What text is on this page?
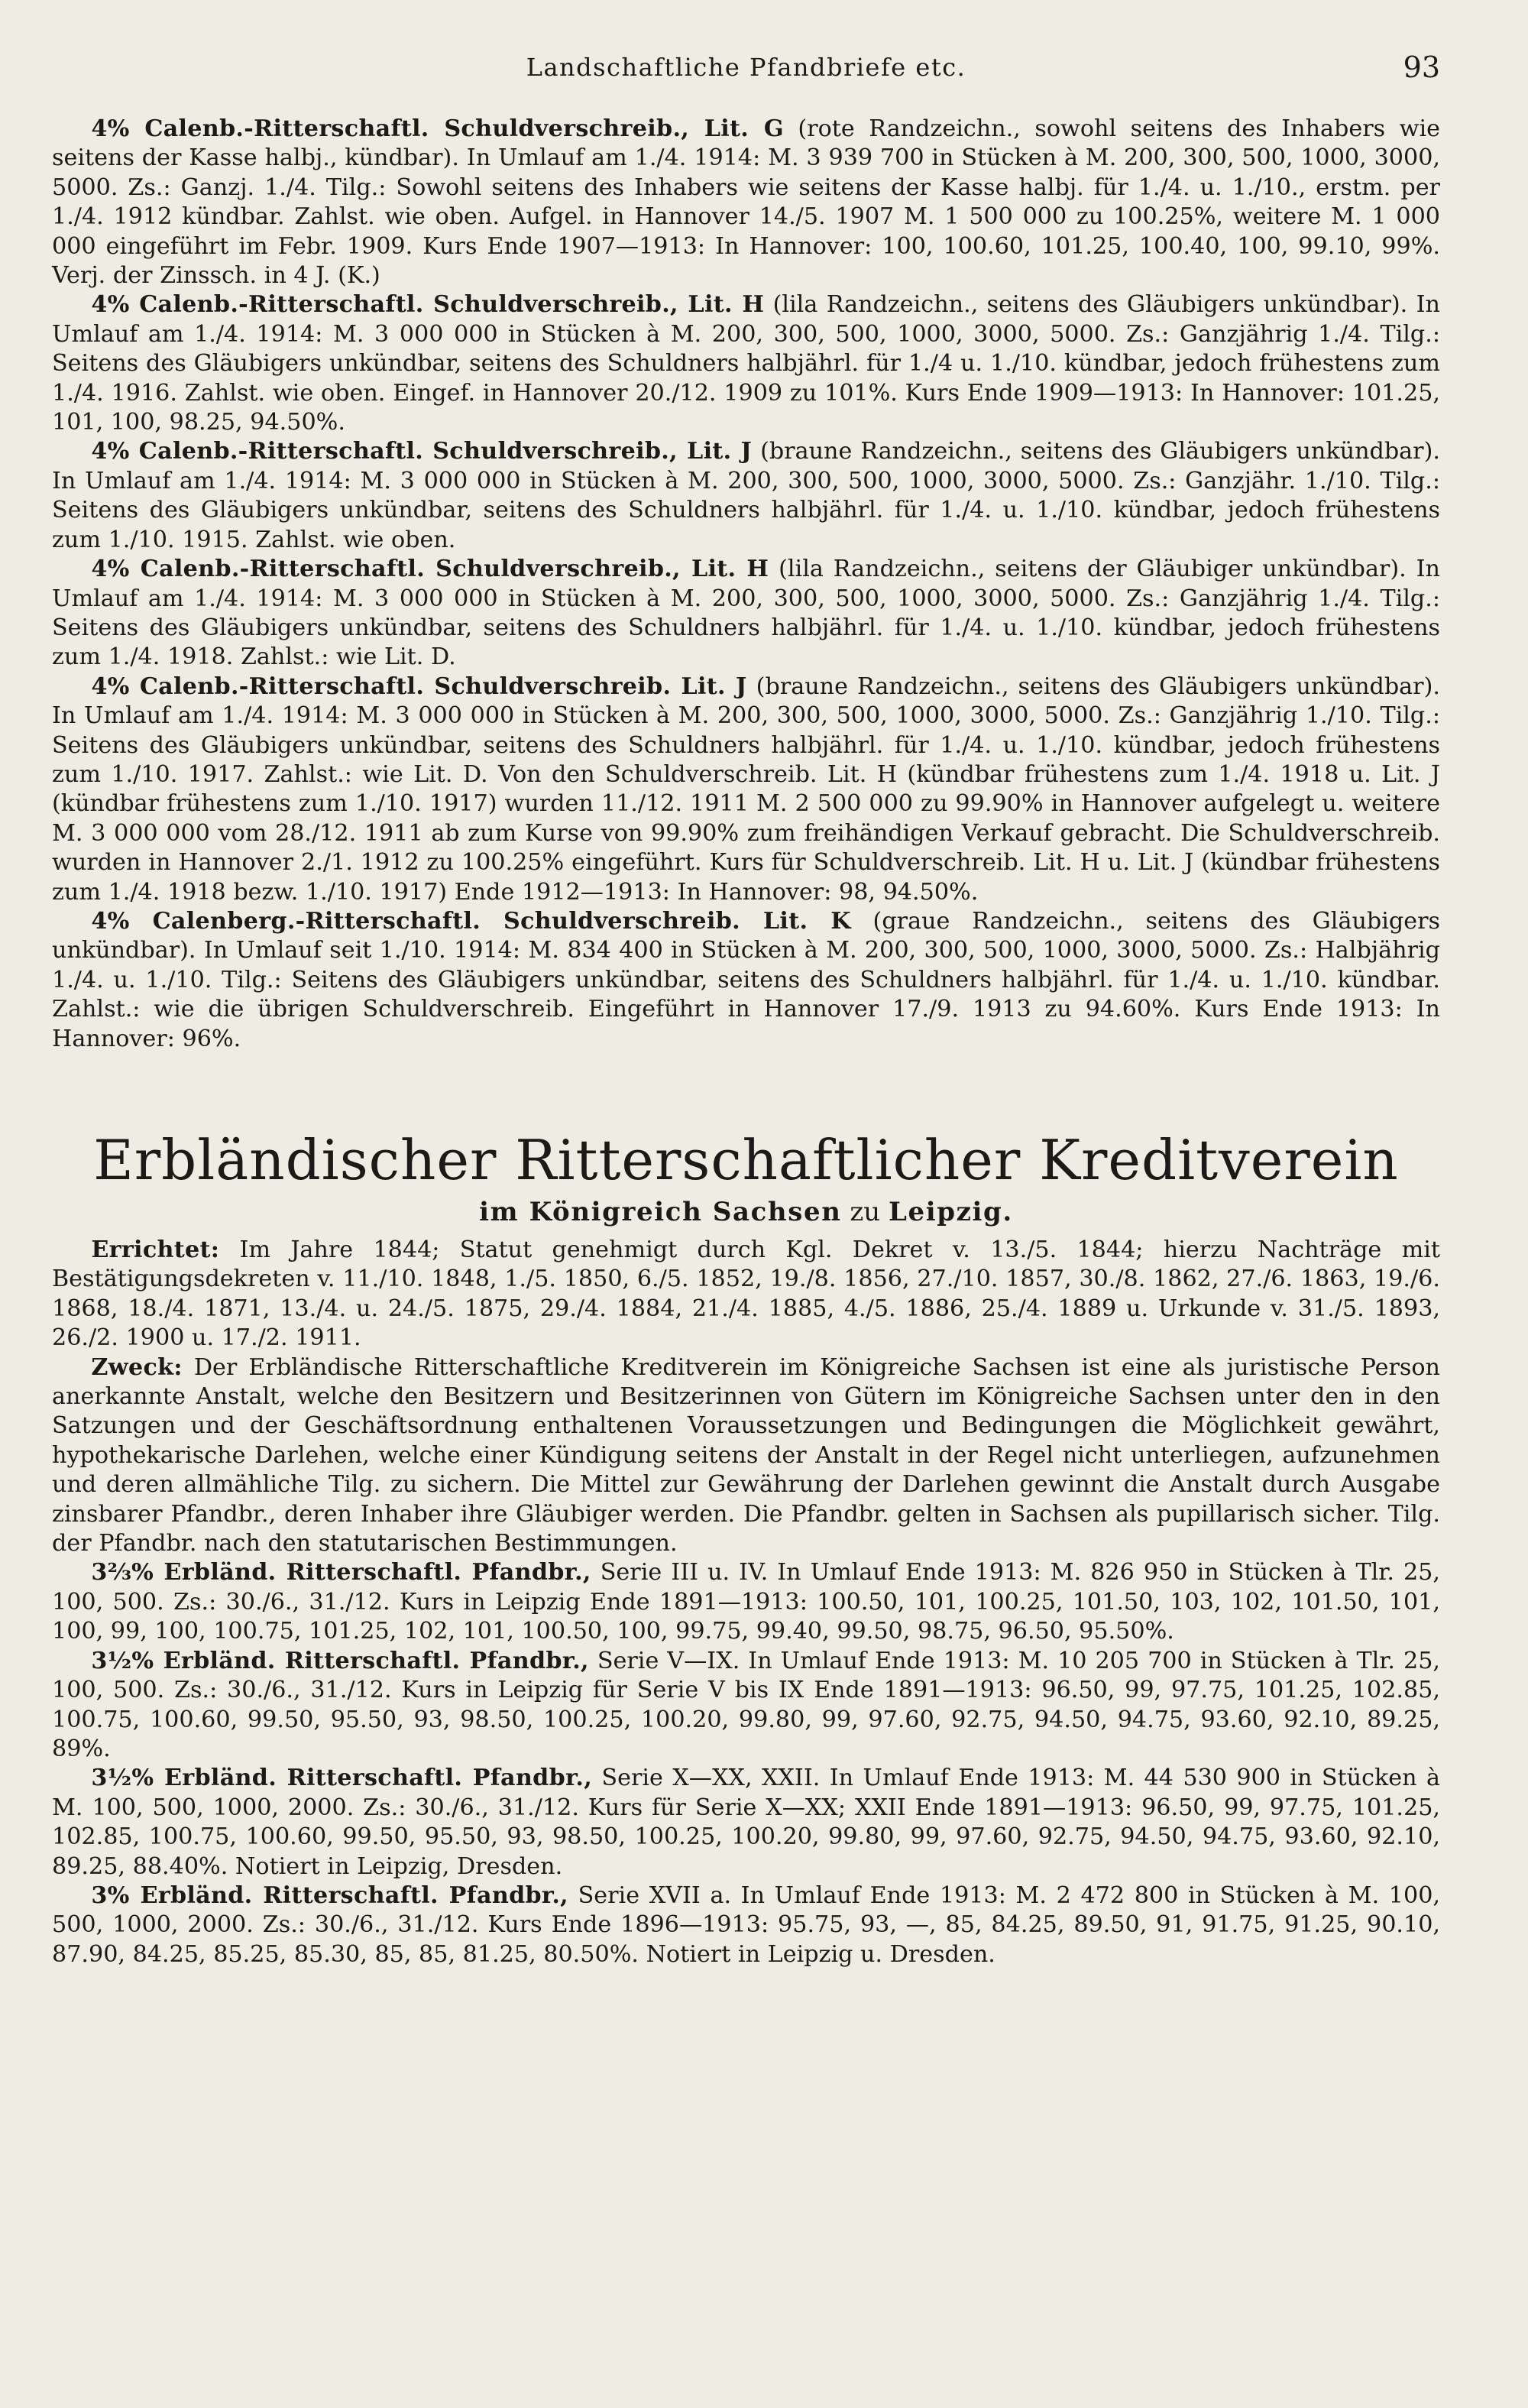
Landschaftliche Pfandbriefe etc.	93

4% Calenb.-Ritterschaftl. Schuldverschreib., Lit. G (rote Randzeichn., sowohl seitens des Inhabers wie seitens der Kasse halbj., kündbar). In Umlauf am 1./4. 1914: M. 3 939 700 in Stücken à M. 200, 300, 500, 1000, 3000, 5000. Zs.: Ganzj. 1./4. Tilg.: Sowohl seitens des Inhabers wie seitens der Kasse halbj. für 1./4. u. 1./10., erstm. per 1./4. 1912 kündbar. Zahlst. wie oben. Aufgel. in Hannover 14./5. 1907 M. 1 500 000 zu 100.25%, weitere M. 1 000 000 eingeführt im Febr. 1909. Kurs Ende 1907—1913: In Hannover: 100, 100.60, 101.25, 100.40, 100, 99.10, 99%. Verj. der Zinssch. in 4 J. (K.)

4% Calenb.-Ritterschaftl. Schuldverschreib., Lit. H (lila Randzeichn., seitens des Gläubigers unkündbar). In Umlauf am 1./4. 1914: M. 3 000 000 in Stücken à M. 200, 300, 500, 1000, 3000, 5000. Zs.: Ganzjährig 1./4. Tilg.: Seitens des Gläubigers unkündbar, seitens des Schuldners halbjährl. für 1./4 u. 1./10. kündbar, jedoch frühestens zum 1./4. 1916. Zahlst. wie oben. Eingef. in Hannover 20./12. 1909 zu 101%. Kurs Ende 1909—1913: In Hannover: 101.25, 101, 100, 98.25, 94.50%.

4% Calenb.-Ritterschaftl. Schuldverschreib., Lit. J (braune Randzeichn., seitens des Gläubigers unkündbar). In Umlauf am 1./4. 1914: M. 3 000 000 in Stücken à M. 200, 300, 500, 1000, 3000, 5000. Zs.: Ganzjähr. 1./10. Tilg.: Seitens des Gläubigers unkündbar, seitens des Schuldners halbjährl. für 1./4. u. 1./10. kündbar, jedoch frühestens zum 1./10. 1915. Zahlst. wie oben.

4% Calenb.-Ritterschaftl. Schuldverschreib., Lit. H (lila Randzeichn., seitens der Gläubiger unkündbar). In Umlauf am 1./4. 1914: M. 3 000 000 in Stücken à M. 200, 300, 500, 1000, 3000, 5000. Zs.: Ganzjährig 1./4. Tilg.: Seitens des Gläubigers unkündbar, seitens des Schuldners halbjährl. für 1./4. u. 1./10. kündbar, jedoch frühestens zum 1./4. 1918. Zahlst.: wie Lit. D.

4% Calenb.-Ritterschaftl. Schuldverschreib. Lit. J (braune Randzeichn., seitens des Gläubigers unkündbar). In Umlauf am 1./4. 1914: M. 3 000 000 in Stücken à M. 200, 300, 500, 1000, 3000, 5000. Zs.: Ganzjährig 1./10. Tilg.: Seitens des Gläubigers unkündbar, seitens des Schuldners halbjährl. für 1./4. u. 1./10. kündbar, jedoch frühestens zum 1./10. 1917. Zahlst.: wie Lit. D. Von den Schuldverschreib. Lit. H (kündbar frühestens zum 1./4. 1918 u. Lit. J (kündbar frühestens zum 1./10. 1917) wurden 11./12. 1911 M. 2 500 000 zu 99.90% in Hannover aufgelegt u. weitere M. 3 000 000 vom 28./12. 1911 ab zum Kurse von 99.90% zum freihändigen Verkauf gebracht. Die Schuldverschreib. wurden in Hannover 2./1. 1912 zu 100.25% eingeführt. Kurs für Schuldverschreib. Lit. H u. Lit. J (kündbar frühestens zum 1./4. 1918 bezw. 1./10. 1917) Ende 1912—1913: In Hannover: 98, 94.50%.

4% Calenberg.-Ritterschaftl. Schuldverschreib. Lit. K (graue Randzeichn., seitens des Gläubigers unkündbar). In Umlauf seit 1./10. 1914: M. 834 400 in Stücken à M. 200, 300, 500, 1000, 3000, 5000. Zs.: Halbjährig 1./4. u. 1./10. Tilg.: Seitens des Gläubigers unkündbar, seitens des Schuldners halbjährl. für 1./4. u. 1./10. kündbar. Zahlst.: wie die übrigen Schuldverschreib. Eingeführt in Hannover 17./9. 1913 zu 94.60%. Kurs Ende 1913: In Hannover: 96%.

Erbländischer Ritterschaftlicher Kreditverein
im Königreich Sachsen zu Leipzig.

Errichtet: Im Jahre 1844; Statut genehmigt durch Kgl. Dekret v. 13./5. 1844; hierzu Nachträge mit Bestätigungsdekreten v. 11./10. 1848, 1./5. 1850, 6./5. 1852, 19./8. 1856, 27./10. 1857, 30./8. 1862, 27./6. 1863, 19./6. 1868, 18./4. 1871, 13./4. u. 24./5. 1875, 29./4. 1884, 21./4. 1885, 4./5. 1886, 25./4. 1889 u. Urkunde v. 31./5. 1893, 26./2. 1900 u. 17./2. 1911.

Zweck: Der Erbländische Ritterschaftliche Kreditverein im Königreiche Sachsen ist eine als juristische Person anerkannte Anstalt, welche den Besitzern und Besitzerinnen von Gütern im Königreiche Sachsen unter den in den Satzungen und der Geschäftsordnung enthaltenen Voraussetzungen und Bedingungen die Möglichkeit gewährt, hypothekarische Darlehen, welche einer Kündigung seitens der Anstalt in der Regel nicht unterliegen, aufzunehmen und deren allmähliche Tilg. zu sichern. Die Mittel zur Gewährung der Darlehen gewinnt die Anstalt durch Ausgabe zinsbarer Pfandbr., deren Inhaber ihre Gläubiger werden. Die Pfandbr. gelten in Sachsen als pupillarisch sicher. Tilg. der Pfandbr. nach den statutarischen Bestimmungen.

3⅔% Erbländ. Ritterschaftl. Pfandbr., Serie III u. IV. In Umlauf Ende 1913: M. 826 950 in Stücken à Tlr. 25, 100, 500. Zs.: 30./6., 31./12. Kurs in Leipzig Ende 1891—1913: 100.50, 101, 100.25, 101.50, 103, 102, 101.50, 101, 100, 99, 100, 100.75, 101.25, 102, 101, 100.50, 100, 99.75, 99.40, 99.50, 98.75, 96.50, 95.50%.

3½% Erbländ. Ritterschaftl. Pfandbr., Serie V—IX. In Umlauf Ende 1913: M. 10 205 700 in Stücken à Tlr. 25, 100, 500. Zs.: 30./6., 31./12. Kurs in Leipzig für Serie V bis IX Ende 1891—1913: 96.50, 99, 97.75, 101.25, 102.85, 100.75, 100.60, 99.50, 95.50, 93, 98.50, 100.25, 100.20, 99.80, 99, 97.60, 92.75, 94.50, 94.75, 93.60, 92.10, 89.25, 89%.

3½% Erbländ. Ritterschaftl. Pfandbr., Serie X—XX, XXII. In Umlauf Ende 1913: M. 44 530 900 in Stücken à M. 100, 500, 1000, 2000. Zs.: 30./6., 31./12. Kurs für Serie X—XX; XXII Ende 1891—1913: 96.50, 99, 97.75, 101.25, 102.85, 100.75, 100.60, 99.50, 95.50, 93, 98.50, 100.25, 100.20, 99.80, 99, 97.60, 92.75, 94.50, 94.75, 93.60, 92.10, 89.25, 88.40%. Notiert in Leipzig, Dresden.

3% Erbländ. Ritterschaftl. Pfandbr., Serie XVII a. In Umlauf Ende 1913: M. 2 472 800 in Stücken à M. 100, 500, 1000, 2000. Zs.: 30./6., 31./12. Kurs Ende 1896—1913: 95.75, 93, —, 85, 84.25, 89.50, 91, 91.75, 91.25, 90.10, 87.90, 84.25, 85.25, 85.30, 85, 85, 81.25, 80.50%. Notiert in Leipzig u. Dresden.
